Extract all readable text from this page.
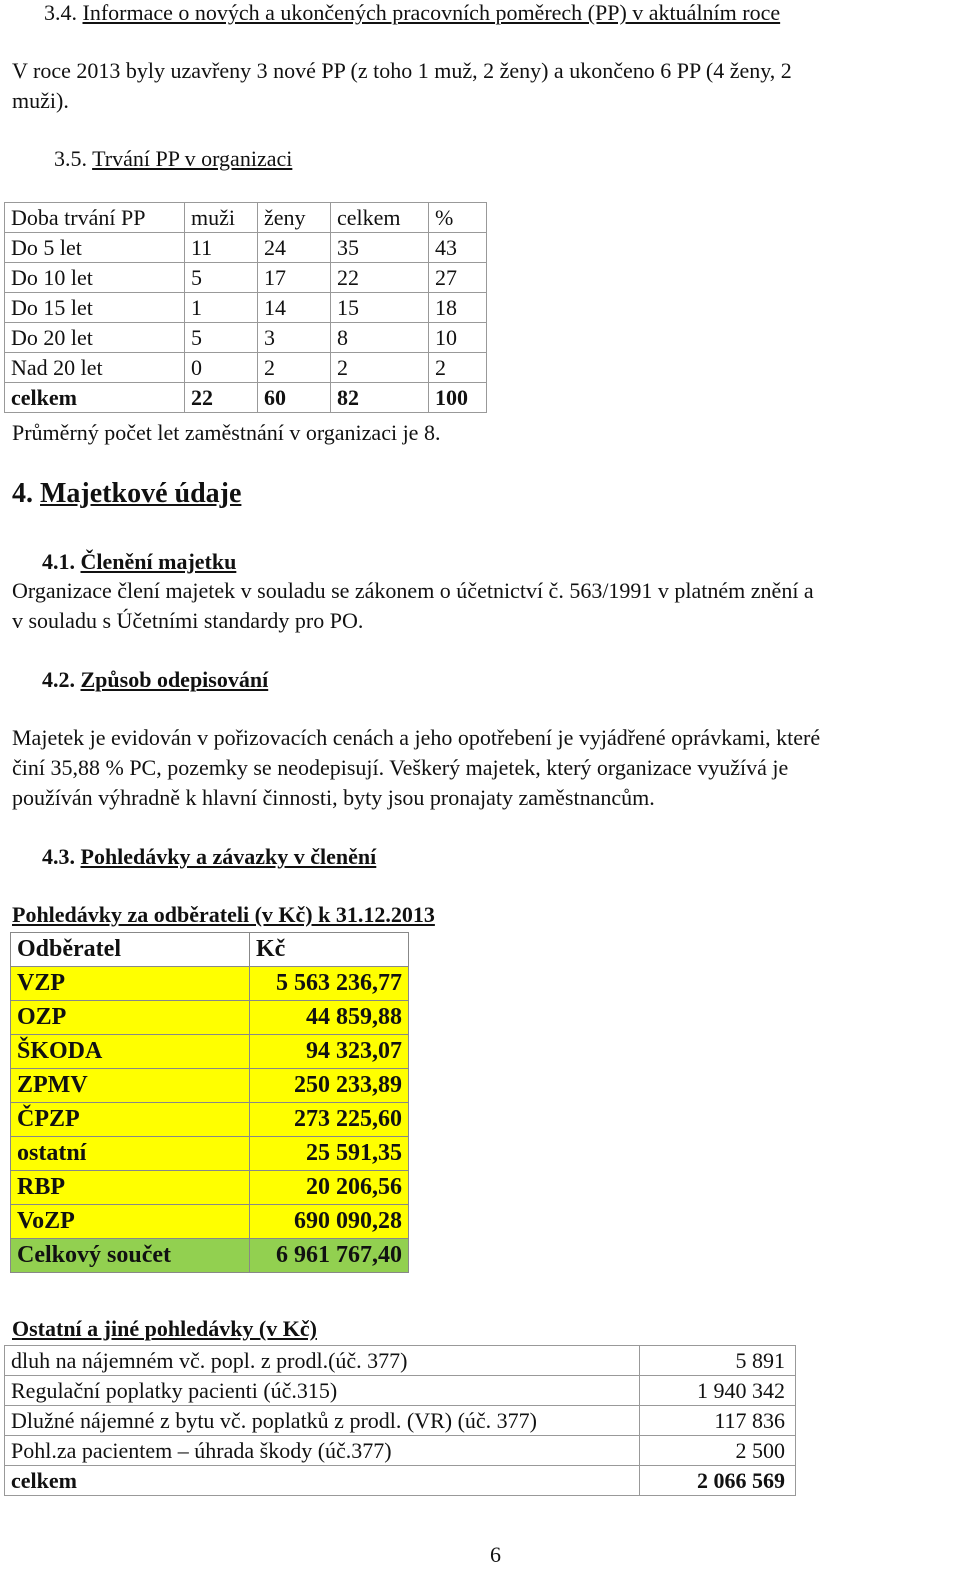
3.4. Informace o nových a ukončených pracovních poměrech (PP) v aktuálním roce
V roce 2013 byly uzavřeny 3 nové PP (z toho 1 muž, 2 ženy) a ukončeno 6 PP (4 ženy, 2
muži).
3.5. Trvání PP v organizaci
Doba trvání PP	muži	ženy	celkem	%
Do 5 let	11	24	35	43
Do 10 let	5	17	22	27
Do 15 let	1	14	15	18
Do 20 let	5	3	8	10
Nad 20 let	0	2	2	2
celkem	22	60	82	100
Průměrný počet let zaměstnání v organizaci je 8.
4. Majetkové údaje
4.1. Členění majetku
Organizace člení majetek v souladu se zákonem o účetnictví č. 563/1991 v platném znění a
v souladu s Účetními standardy pro PO.
4.2. Způsob odepisování
Majetek je evidován v pořizovacích cenách a jeho opotřebení je vyjádřené oprávkami, které
činí 35,88 % PC, pozemky se neodepisují. Veškerý majetek, který organizace využívá je
používán výhradně k hlavní činnosti, byty jsou pronajaty zaměstnancům.
4.3. Pohledávky a závazky v členění
Pohledávky za odběrateli (v Kč) k 31.12.2013
Odběratel	Kč
VZP	5 563 236,77
OZP	44 859,88
ŠKODA	94 323,07
ZPMV	250 233,89
ČPZP	273 225,60
ostatní	25 591,35
RBP	20 206,56
VoZP	690 090,28
Celkový součet	6 961 767,40
Ostatní a jiné pohledávky (v Kč)
dluh na nájemném vč. popl. z prodl.(úč. 377)	5 891
Regulační poplatky pacienti (úč.315)	1 940 342
Dlužné nájemné z bytu vč. poplatků z prodl. (VR) (úč. 377)	117 836
Pohl.za pacientem – úhrada škody (úč.377)	2 500
celkem	2 066 569
6
